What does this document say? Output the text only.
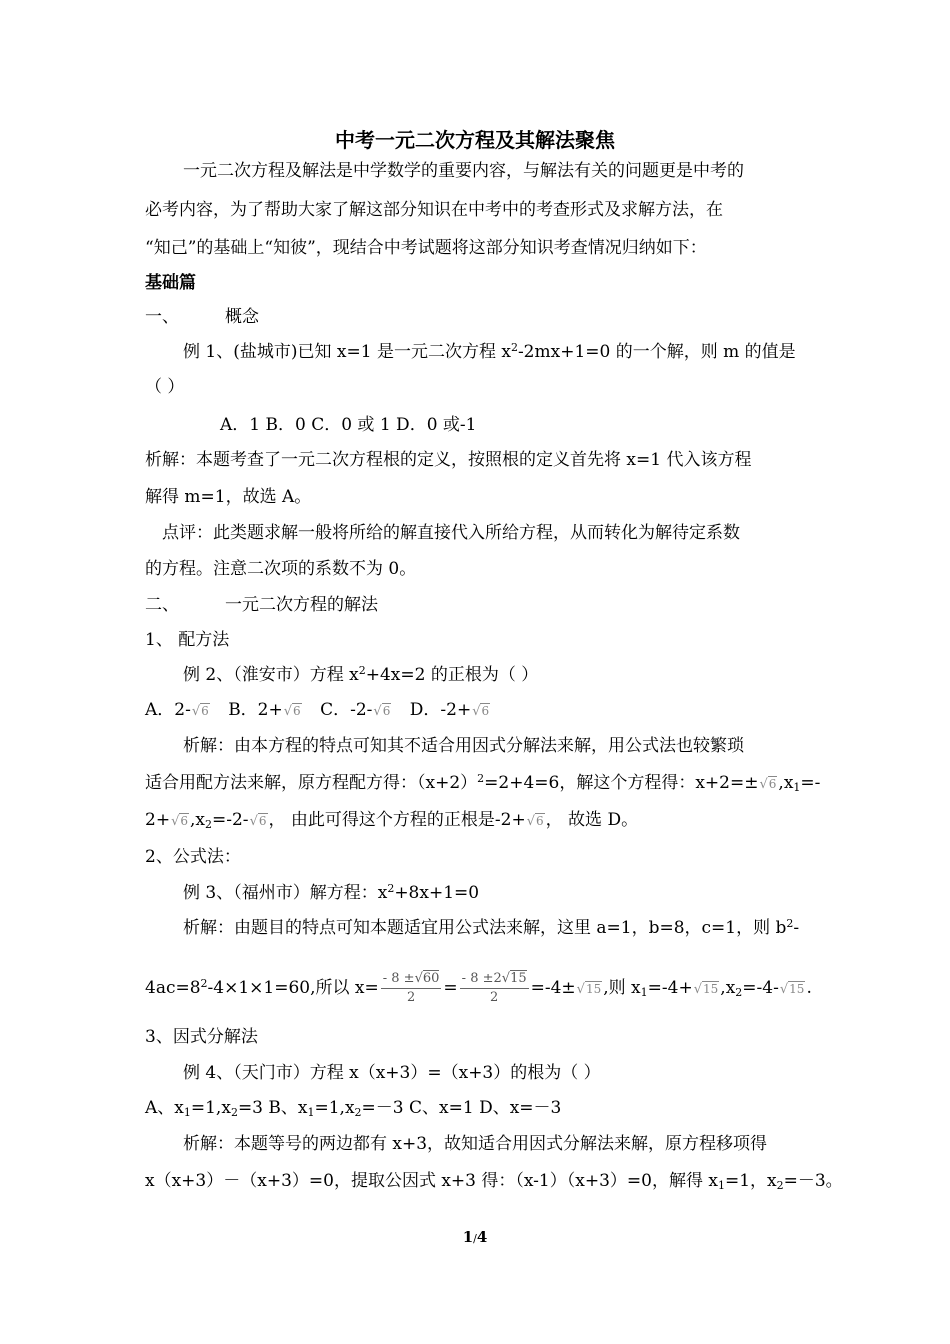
中考一元二次方程及其解法聚焦
一元二次方程及解法是中学数学的重要内容，与解法有关的问题更是中考的
必考内容，为了帮助大家了解这部分知识在中考中的考查形式及求解方法，在
“知己”的基础上“知彼”，现结合中考试题将这部分知识考查情况归纳如下：
基础篇
一、	概念
例 1、(盐城市)已知 x=1 是一元二次方程 $x^2-2mx+1=0$ 的一个解，则 m 的值是
（ ）
A．1 B．0 C．0 或 1 D．0 或-1
析解：本题考查了一元二次方程根的定义，按照根的定义首先将 x=1 代入该方程
解得 m=1，故选 A。
点评：此类题求解一般将所给的解直接代入所给方程，从而转化为解待定系数
的方程。注意二次项的系数不为 0。
二、	一元二次方程的解法
1、 配方法
例 2、（淮安市）方程 $x^2+4x=2$ 的正根为（ ）
A．2-√6 B．2+√6 C．-2-√6 D．-2+√6
析解：由本方程的特点可知其不适合用因式分解法来解，用公式法也较繁琐
适合用配方法来解，原方程配方得：$(x+2)^2=2+4=6$，解这个方程得：x+2=±√6 $,x_1=-$
2+√6 $,x_2=-2-√6$ ， 由此可得这个方程的正根是-2+√6 ， 故选 D。
2、公式法：
例 3、（福州市）解方程：$x^2+8x+1=0$
析解：由题目的特点可知本题适宜用公式法来解，这里 a=1，b=8，c=1，则 $b^2-$
$4ac=8^2-4\times 1\times 1=60$,所以 $x= \frac{- 8 \pm√60}{2} = \frac{- 8 \pm 2√15}{2} =-4\pm√15$ ,则 $x_1=-4+√15$ $,x_2=-4-√15$ .
3、因式分解法
例 4、（天门市）方程 x（x+3）=（x+3）的根为（ ）
A、$x_1=1,x_2=3$ B、$x_1=1,x_2=-3$ C、x=1 D、x=－3
析解：本题等号的两边都有 x+3，故知适合用因式分解法来解，原方程移项得
x（x+3）－（x+3）=0，提取公因式 x+3 得：（x-1）（x+3）=0，解得 $x_1=1$，$x_2=-3$。
1/4
